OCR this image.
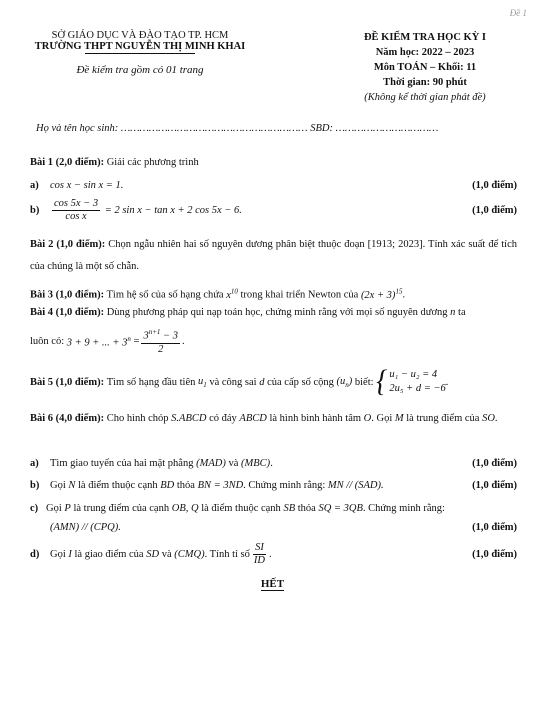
Đề 1
SỞ GIÁO DỤC VÀ ĐÀO TẠO TP. HCM
TRƯỜNG THPT NGUYỄN THỊ MINH KHAI
Đề kiểm tra gồm có 01 trang
ĐỀ KIỂM TRA HỌC KỲ I
Năm học: 2022 – 2023
Môn TOÁN – Khối: 11
Thời gian: 90 phút
(Không kể thời gian phát đề)
Họ và tên học sinh: …………………………………………………… SBD: ……………………………
Bài 1 (2,0 điểm): Giải các phương trình
a)	cos x − sin x = 1.	(1,0 điểm)
b)	$\frac{\cos 5x - 3}{\text{cos x}} = 2$ sin x − tan x + 2 cos 5x − 6.	(1,0 điểm)
Bài 2 (1,0 điểm): Chọn ngẫu nhiên hai số nguyên dương phân biệt thuộc đoạn [1913; 2023]. Tính xác suất để tích của chúng là một số chẵn.
Bài 3 (1,0 điểm): Tìm hệ số của số hạng chứa $x^{10}$ trong khai triển Newton của $(2x + 3)^{15}$.
Bài 4 (1,0 điểm): Dùng phương pháp qui nạp toán học, chứng minh rằng với mọi số nguyên dương n ta
luôn có:
3 + 9 + ... + $3^n$
= $\frac{3^{n+1} - 3}{2}$ .
Bài 5 (1,0 điểm):
Tìm số hạng đầu tiên
$u_1$
và công sai
d
của cấp số cộng
$(u_n)$
biết:
{ u₁ − u₂ = 4
2u₅ + d = −6
.
Bài 6 (4,0 điểm): Cho hình chóp S.ABCD có đáy ABCD là hình bình hành tâm O. Gọi M là trung điểm của SO.
a)	Tìm giao tuyến của hai mặt phẳng (MAD) và (MBC).	(1,0 điểm)
b)	Gọi N là điểm thuộc cạnh BD thỏa BN = 3ND. Chứng minh rằng: MN // (SAD).	(1,0 điểm)
c) Gọi P là trung điểm của cạnh OB, Q là điểm thuộc cạnh SB thỏa SQ = 3QB. Chứng minh rằng:
(AMN) // (CPQ).	(1,0 điểm)
d)	Gọi
I
là giao điểm của
SD
và
(CMQ) . Tính tỉ số $\frac{SI}{ID}$ .	(1,0 điểm)
HẾT
